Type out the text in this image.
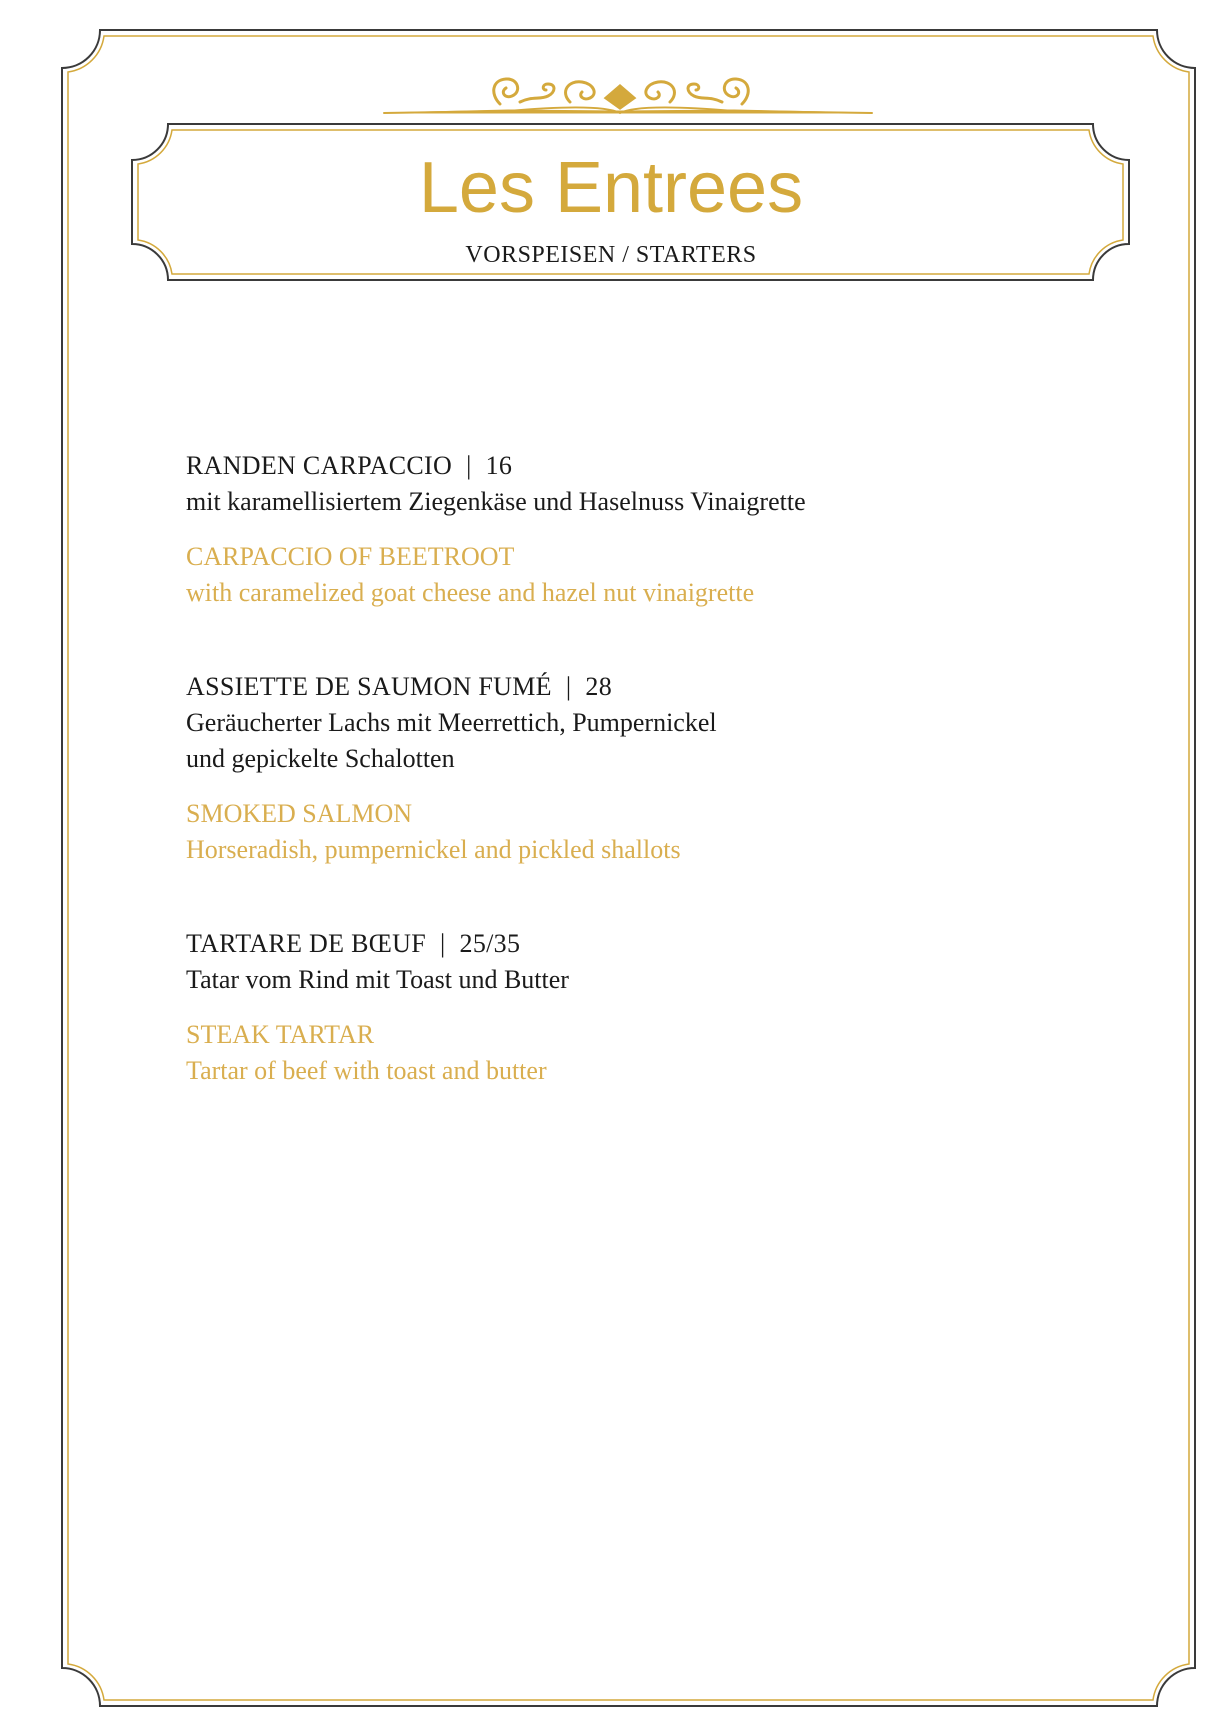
Les Entrees
VORSPEISEN / STARTERS
RANDEN CARPACCIO | 16
mit karamellisiertem Ziegenkäse und Haselnuss Vinaigrette
CARPACCIO OF BEETROOT
with caramelized goat cheese and hazel nut vinaigrette
ASSIETTE DE SAUMON FUMÉ | 28
Geräucherter Lachs mit Meerrettich, Pumpernickel
und gepickelte Schalotten
SMOKED SALMON
Horseradish, pumpernickel and pickled shallots
TARTARE DE BŒUF | 25/35
Tatar vom Rind mit Toast und Butter
STEAK TARTAR
Tartar of beef with toast and butter
